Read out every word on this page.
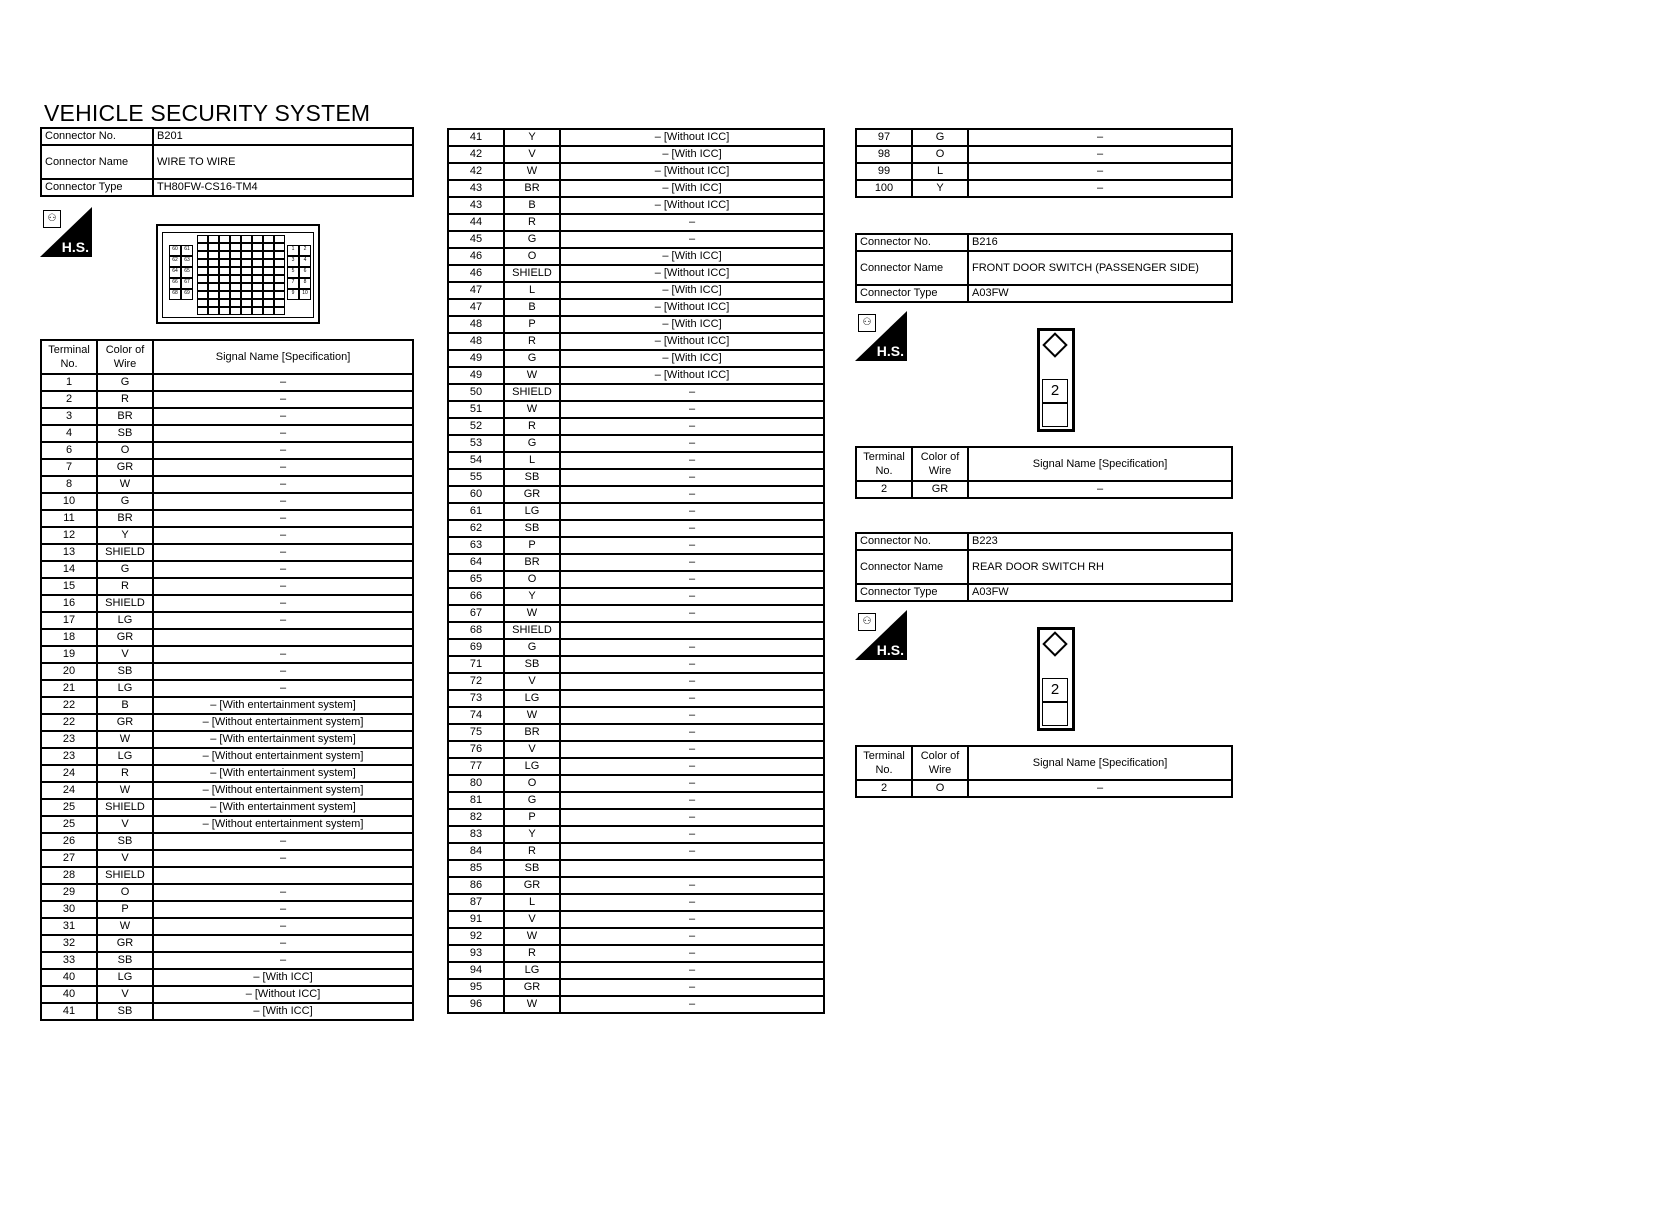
VEHICLE SECURITY SYSTEM
Connector No.	B201
Connector Name	WIRE TO WIRE
Connector Type	TH80FW-CS16-TM4
⚇
H.S.	60	61	1	2
62	63	3	4
64	65	5	6
66	67	7	8
68	69	9	10
Terminal No.	Color of Wire	Signal Name [Specification]
1	G	–
2	R	–
3	BR	–
4	SB	–
6	O	–
7	GR	–
8	W	–
10	G	–
11	BR	–
12	Y	–
13	SHIELD	–
14	G	–
15	R	–
16	SHIELD	–
17	LG	–
18	GR	
19	V	–
20	SB	–
21	LG	–
22	B	– [With entertainment system]
22	GR	– [Without entertainment system]
23	W	– [With entertainment system]
23	LG	– [Without entertainment system]
24	R	– [With entertainment system]
24	W	– [Without entertainment system]
25	SHIELD	– [With entertainment system]
25	V	– [Without entertainment system]
26	SB	–
27	V	–
28	SHIELD	
29	O	–
30	P	–
31	W	–
32	GR	–
33	SB	–
40	LG	– [With ICC]
40	V	– [Without ICC]
41	SB	– [With ICC]
41	Y	– [Without ICC]
42	V	– [With ICC]
42	W	– [Without ICC]
43	BR	– [With ICC]
43	B	– [Without ICC]
44	R	–
45	G	–
46	O	– [With ICC]
46	SHIELD	– [Without ICC]
47	L	– [With ICC]
47	B	– [Without ICC]
48	P	– [With ICC]
48	R	– [Without ICC]
49	G	– [With ICC]
49	W	– [Without ICC]
50	SHIELD	–
51	W	–
52	R	–
53	G	–
54	L	–
55	SB	–
60	GR	–
61	LG	–
62	SB	–
63	P	–
64	BR	–
65	O	–
66	Y	–
67	W	–
68	SHIELD	
69	G	–
71	SB	–
72	V	–
73	LG	–
74	W	–
75	BR	–
76	V	–
77	LG	–
80	O	–
81	G	–
82	P	–
83	Y	–
84	R	–
85	SB	
86	GR	–
87	L	–
91	V	–
92	W	–
93	R	–
94	LG	–
95	GR	–
96	W	–
97	G	–
98	O	–
99	L	–
100	Y	–
Connector No.	B216
Connector Name	FRONT DOOR SWITCH (PASSENGER SIDE)
Connector Type	A03FW
⚇
H.S.
2
Terminal No.	Color of Wire	Signal Name [Specification]
2	GR	–
Connector No.	B223
Connector Name	REAR DOOR SWITCH RH
Connector Type	A03FW
⚇
H.S.
2
Terminal No.	Color of Wire	Signal Name [Specification]
2	O	–
